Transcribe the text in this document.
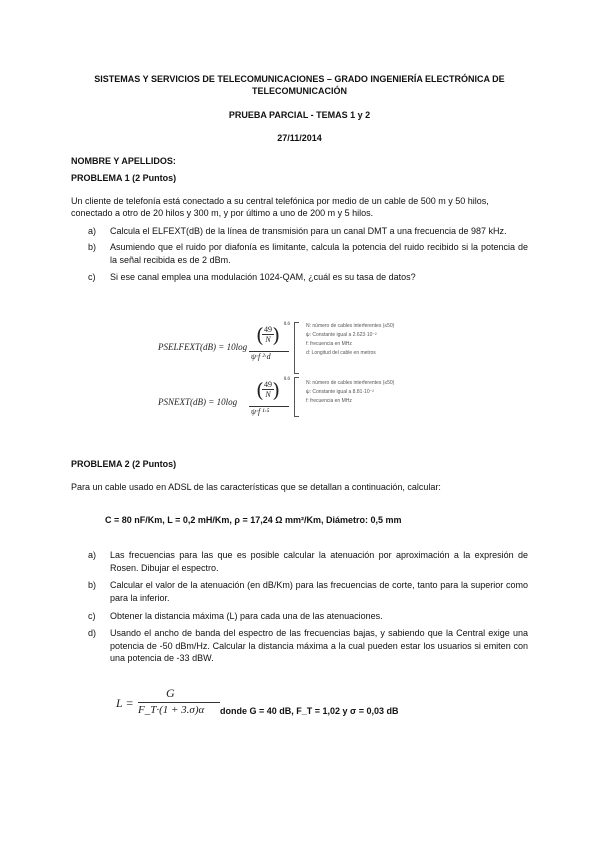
SISTEMAS Y SERVICIOS DE TELECOMUNICACIONES – GRADO INGENIERÍA ELECTRÓNICA DE
TELECOMUNICACIÓN
PRUEBA PARCIAL - TEMAS 1 y 2
27/11/2014
NOMBRE Y APELLIDOS:
PROBLEMA 1 (2 Puntos)
Un cliente de telefonía está conectado a su central telefónica por medio de un cable de 500 m y 50 hilos,
conectado a otro de 20 hilos y 300 m, y por último a uno de 200 m y 5 hilos.
a) Calcula el ELFEXT(dB) de la línea de transmisión para un canal DMT a una frecuencia de 987 kHz.
b) Asumiendo que el ruido por diafonía es limitante, calcula la potencia del ruido recibido si la potencia de la señal recibida es de 2 dBm.
c) Si ese canal emplea una modulación 1024-QAM, ¿cuál es su tasa de datos?
PSELFEXT(dB) = 10log ( 49
N ) 0.6
ψ·f ²·d
N: número de cables interferentes (≤50)
ψ: Constante igual a 2.623·10⁻²
f: frecuencia en MHz
d: Longitud del cable en metros
PSNEXT(dB) = 10log ( 49
N ) 0.6
ψ·f ¹·⁵
N: número de cables interferentes (≤50)
ψ: Constante igual a 8.81·10⁻²
f: frecuencia en MHz
PROBLEMA 2 (2 Puntos)
Para un cable usado en ADSL de las características que se detallan a continuación, calcular:
C = 80 nF/Km, L = 0,2 mH/Km, ρ = 17,24 Ω mm²/Km, Diámetro: 0,5 mm
a) Las frecuencias para las que es posible calcular la atenuación por aproximación a la expresión de Rosen. Dibujar el espectro.
b) Calcular el valor de la atenuación (en dB/Km) para las frecuencias de corte, tanto para la superior como para la inferior.
c) Obtener la distancia máxima (L) para cada una de las atenuaciones.
d) Usando el ancho de banda del espectro de las frecuencias bajas, y sabiendo que la Central exige una potencia de -50 dBm/Hz. Calcular la distancia máxima a la cual pueden estar los usuarios si emiten con una potencia de -33 dBW.
L =
G
F_T·(1 + 3.σ)α donde G = 40 dB, F_T = 1,02 y σ = 0,03 dB
